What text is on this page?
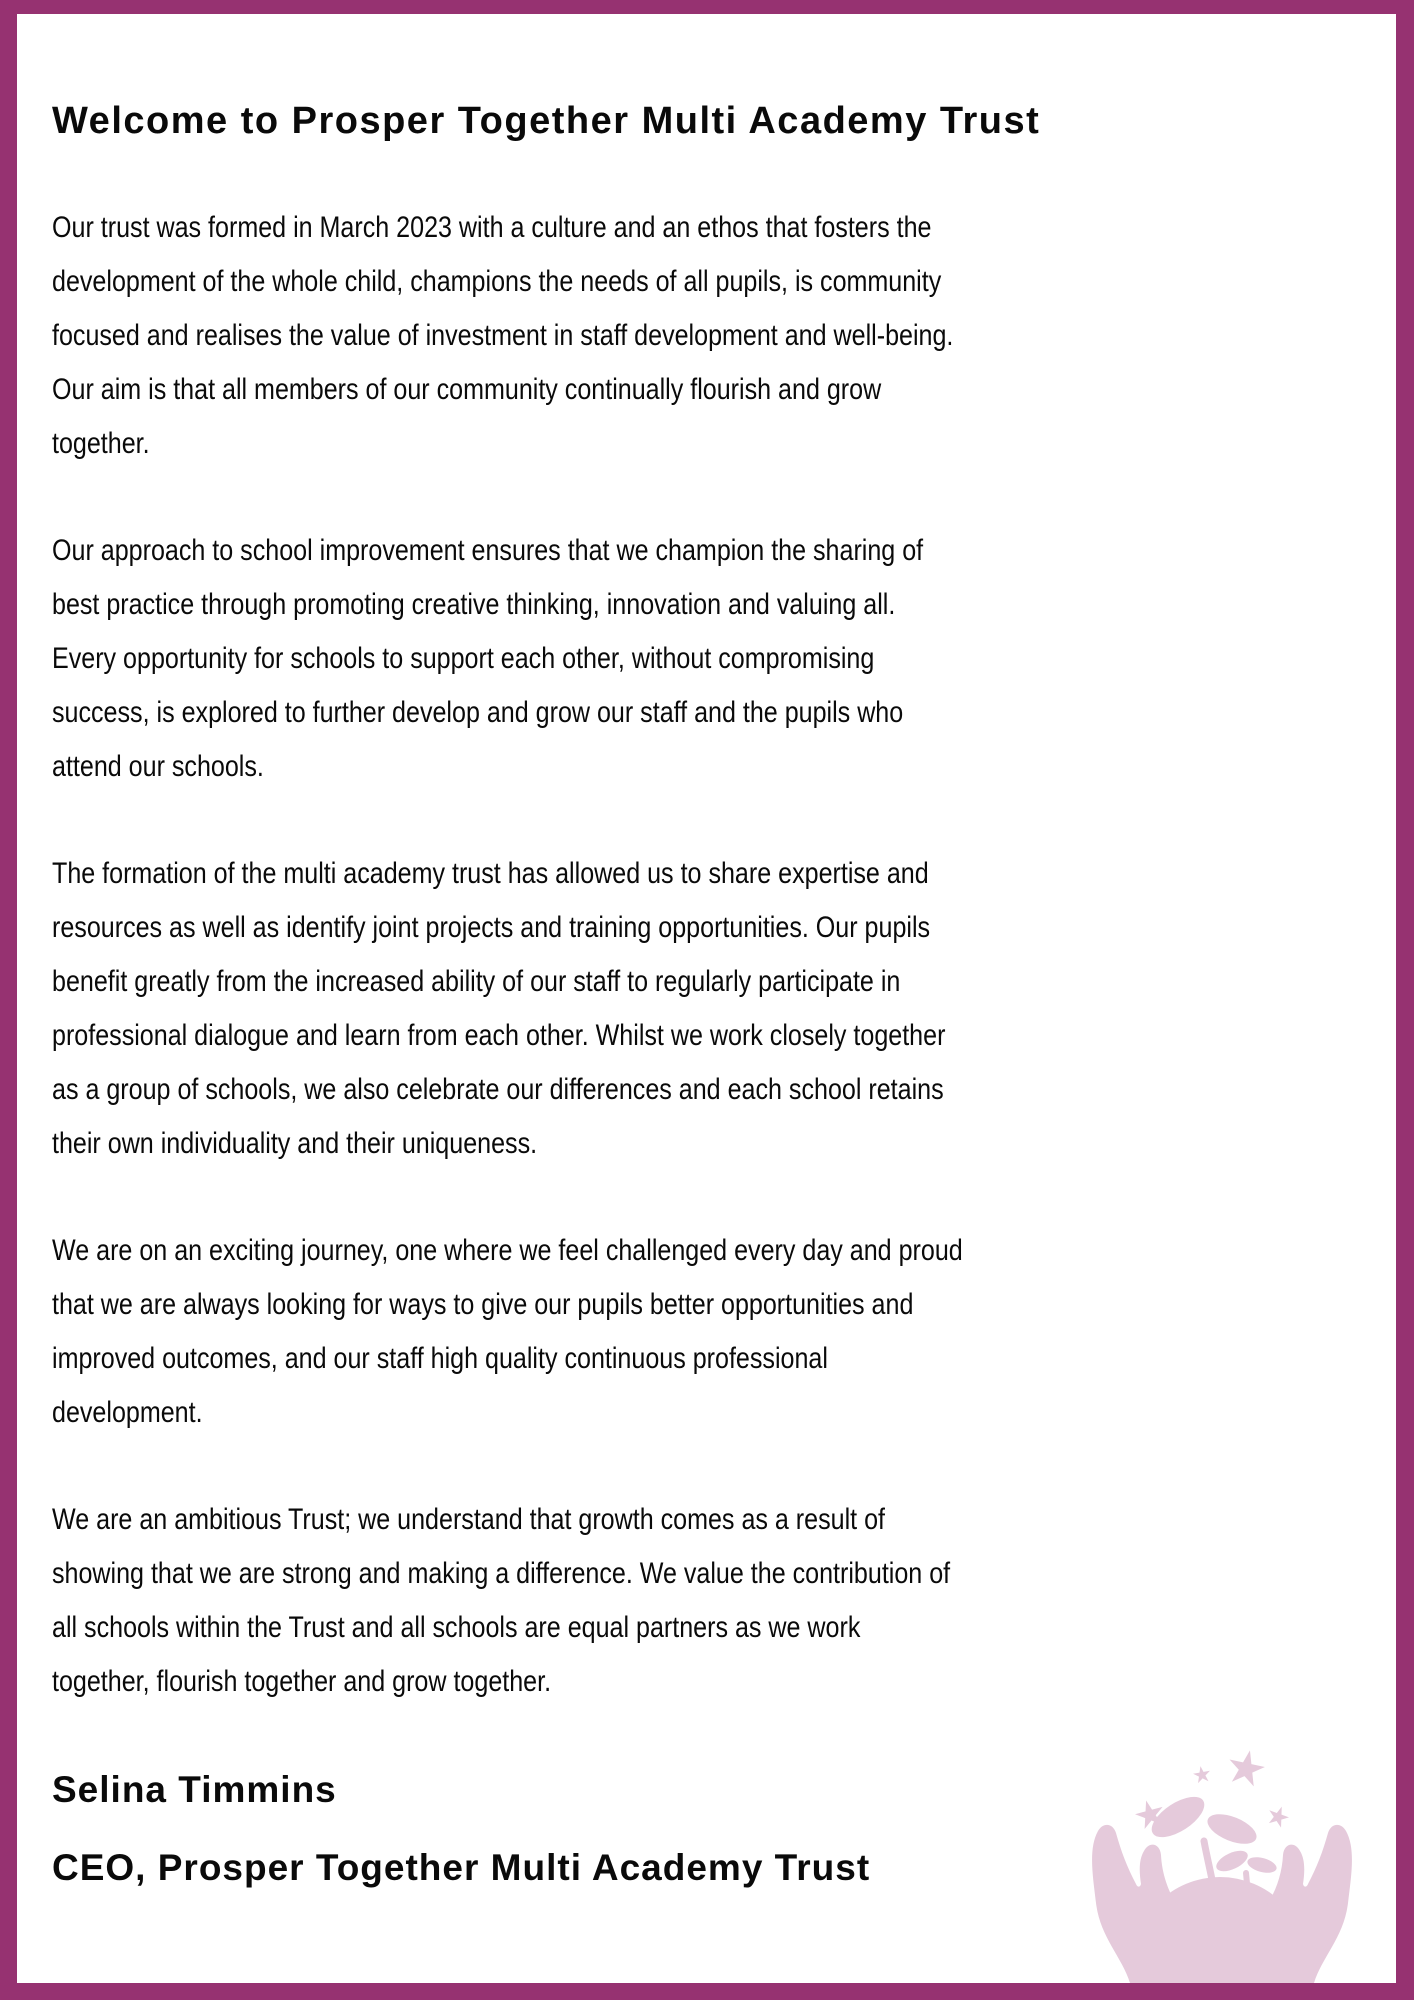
Welcome to Prosper Together Multi Academy Trust

Our trust was formed in March 2023 with a culture and an ethos that fosters the
development of the whole child, champions the needs of all pupils, is community
focused and realises the value of investment in staff development and well-being.
Our aim is that all members of our community continually flourish and grow
together.

Our approach to school improvement ensures that we champion the sharing of
best practice through promoting creative thinking, innovation and valuing all.
Every opportunity for schools to support each other, without compromising
success, is explored to further develop and grow our staff and the pupils who
attend our schools.

The formation of the multi academy trust has allowed us to share expertise and
resources as well as identify joint projects and training opportunities. Our pupils
benefit greatly from the increased ability of our staff to regularly participate in
professional dialogue and learn from each other. Whilst we work closely together
as a group of schools, we also celebrate our differences and each school retains
their own individuality and their uniqueness.

We are on an exciting journey, one where we feel challenged every day and proud
that we are always looking for ways to give our pupils better opportunities and
improved outcomes, and our staff high quality continuous professional
development.

We are an ambitious Trust; we understand that growth comes as a result of
showing that we are strong and making a difference. We value the contribution of
all schools within the Trust and all schools are equal partners as we work
together, flourish together and grow together.

Selina Timmins
CEO, Prosper Together Multi Academy Trust
